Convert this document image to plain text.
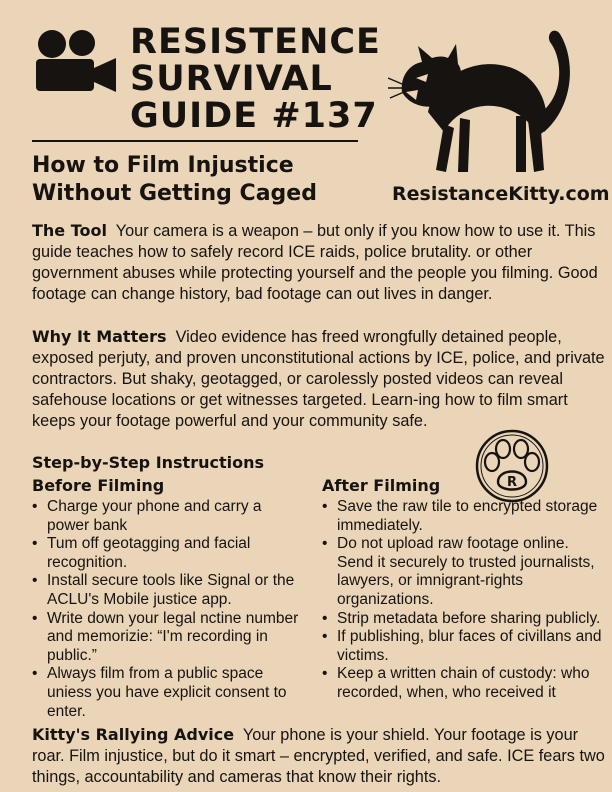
RESISTENCE
SURVIVAL
GUIDE #137
How to Film Injustice
Without Getting Caged	ResistanceKitty.com
The Tool Your camera is a weapon – but only if you know how to use it. This guide teaches how to safely record ICE raids, police brutality. or other government abuses while protecting yourself and the people you filming. Good footage can change history, bad footage can out lives in danger.
Why It Matters Video evidence has freed wrongfully detained people, exposed perjuty, and proven unconstitutional actions by ICE, police, and private contractors. But shaky, geotagged, or carolessly posted videos can reveal safehouse locations or get witnesses targeted. Learn-ing how to film smart keeps your footage powerful and your community safe.
Step-by-Step Instructions
R
Before Filming
• Charge your phone and carry a power bank
• Tum off geotagging and facial recognition.
• Install secure tools like Signal or the ACLU's Mobile justice app.
• Write down your legal nctine number and memorizie: “I'm recording in public.”
• Always film from a public space uniess you have explicit consent to enter.
After Filming
• Save the raw tile to encrypted storage immediately.
• Do not upload raw footage online. Send it securely to trusted journalists, lawyers, or imnigrant-rights organizations.
• Strip metadata before sharing publicly.
• If publishing, blur faces of civillans and victims.
• Keep a written chain of custody: who recorded, when, who received it
Kitty's Rallying Advice Your phone is your shield. Your footage is your roar. Film injustice, but do it smart – encrypted, verified, and safe. ICE fears two things, accountability and cameras that know their rights.
